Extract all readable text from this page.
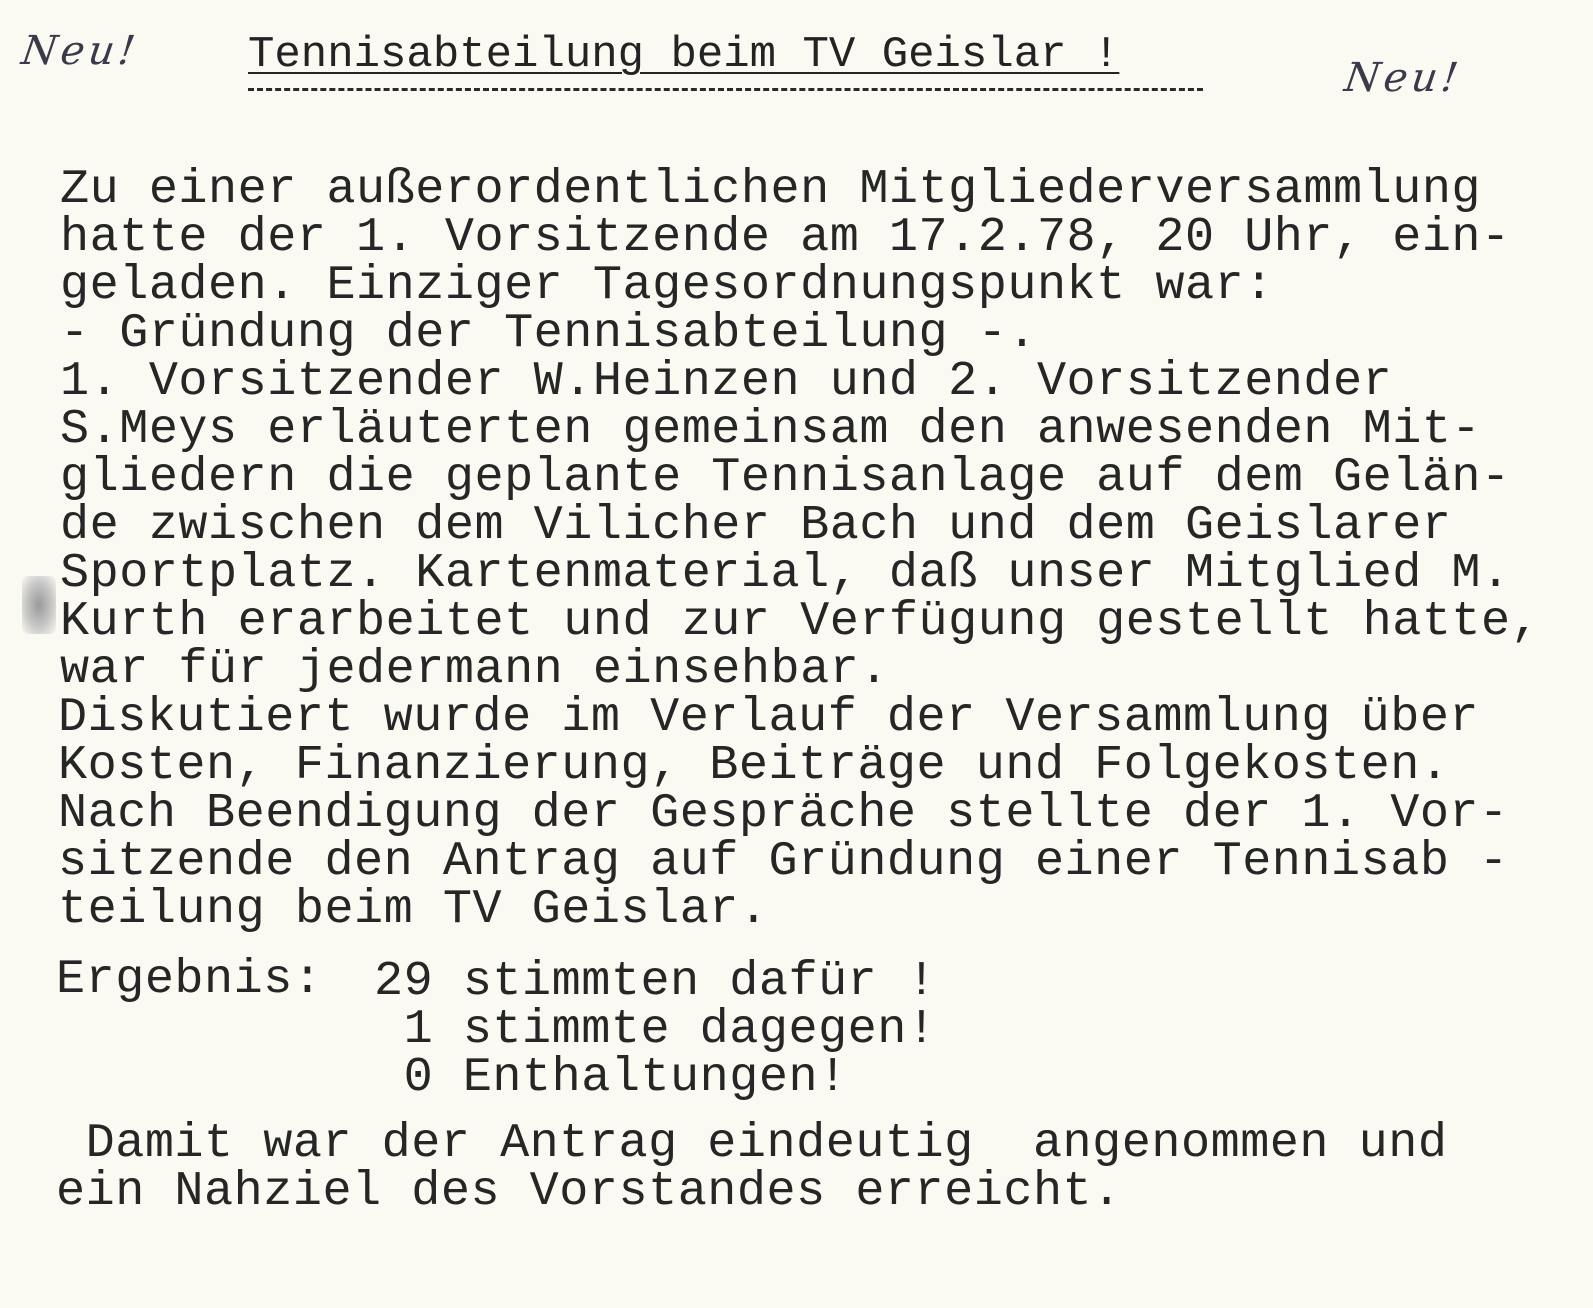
Neu!
Neu!
Tennisabteilung beim TV Geislar !
Zu einer außerordentlichen Mitgliederversammlung
hatte der 1. Vorsitzende am 17.2.78, 20 Uhr, ein-
geladen. Einziger Tagesordnungspunkt war:
- Gründung der Tennisabteilung -.
1. Vorsitzender W.Heinzen und 2. Vorsitzender
S.Meys erläuterten gemeinsam den anwesenden Mit-
gliedern die geplante Tennisanlage auf dem Gelän-
de zwischen dem Vilicher Bach und dem Geislarer
Sportplatz. Kartenmaterial, daß unser Mitglied M.
Kurth erarbeitet und zur Verfügung gestellt hatte,
war für jedermann einsehbar.
Diskutiert wurde im Verlauf der Versammlung über
Kosten, Finanzierung, Beiträge und Folgekosten.
Nach Beendigung der Gespräche stellte der 1. Vor-
sitzende den Antrag auf Gründung einer Tennisab -
teilung beim TV Geislar.
Ergebnis: 29 stimmten dafür !
1 stimmte dagegen!
0 Enthaltungen!
Damit war der Antrag eindeutig  angenommen und
ein Nahziel des Vorstandes erreicht.
